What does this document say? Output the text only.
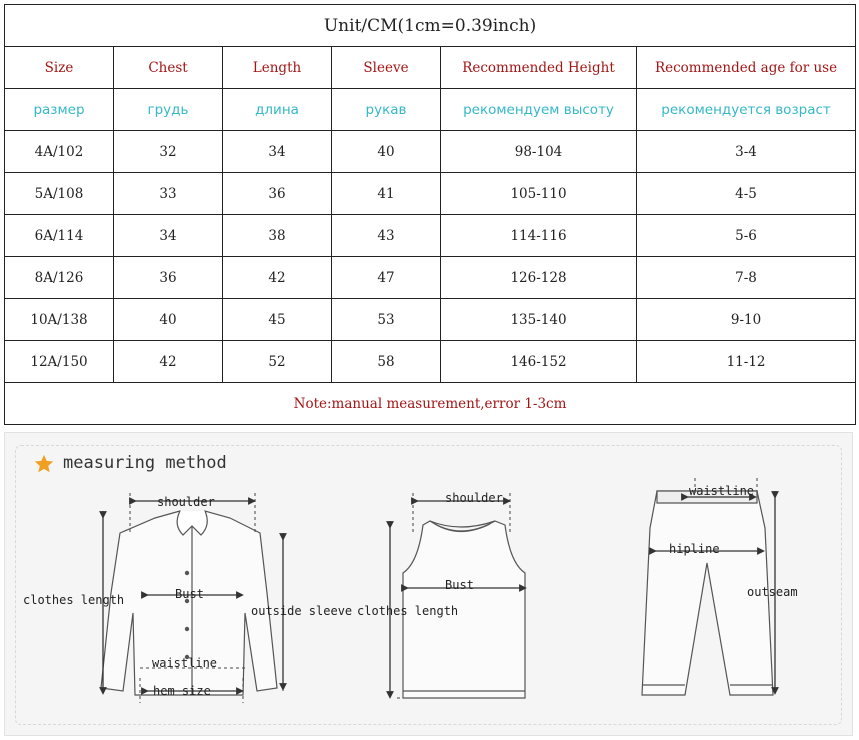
Unit/CM(1cm=0.39inch)					
Size	Chest	Length	Sleeve	Recommended Height	Recommended age for use
размер	грудь	длина	рукав	рекомендуем высоту	рекомендуется возраст
4A/102	32	34	40	98-104	3-4
5A/108	33	36	41	105-110	4-5
6A/114	34	38	43	114-116	5-6
8A/126	36	42	47	126-128	7-8
10A/138	40	45	53	135-140	9-10
12A/150	42	52	58	146-152	11-12
Note:manual measurement,error 1-3cm					
measuring method
shoulder
Bust
clothes length
outside sleeve
waistline
hem size
shoulder
Bust
clothes length
waistline
hipline
outseam
